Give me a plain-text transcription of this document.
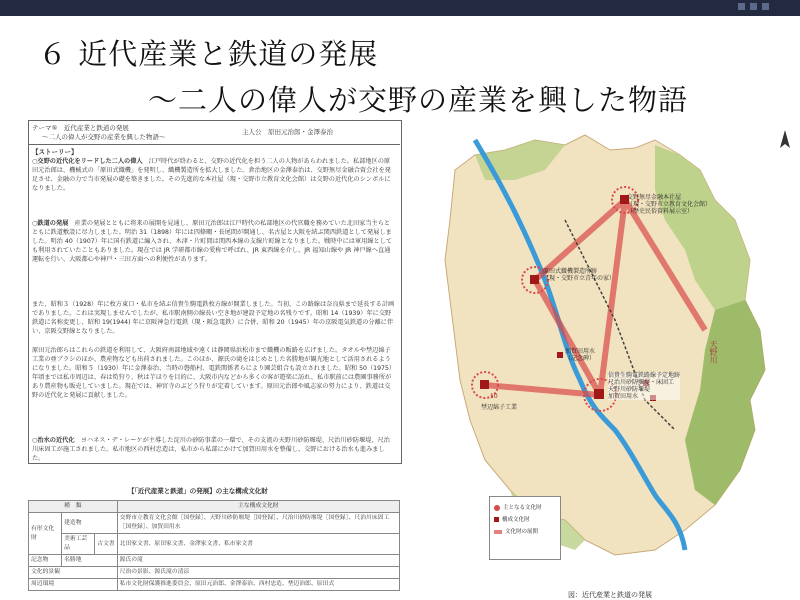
６ 近代産業と鉄道の発展
～二人の偉人が交野の産業を興した物語
テーマ⑤　近代産業と鉄道の発展
〜二人の偉人が交野の産業を興した物語〜
主人公　原田元治郎・金澤泰治
【ストーリー】
○交野の近代化をリードした二人の偉人　 江戸時代が終わると、交野の近代化を担う二人の人物があらわれました。私部地区の原田元治郎は、機械式の「原田式織機」を発明し、織機製造所を拡大しました。倉治地区の金澤泰治は、交野無尽金融合資会社を発足させ、金融の力で当市発展の礎を築きました。その先進的な本社屋（現・交野市立教育文化会館）は交野の近代化のシンボルになりました。
○鉄道の発展　 産業の発展とともに将来の展開を見通し、原田元治郎は江戸時代の私部地区の代官職を務めていた北田家当主らとともに鉄道敷設に尽力しました。明治 31（1898）年には四條畷・長尾間が開通し、名古屋と大阪を結ぶ関西鉄道として発展しました。明治 40（1907）年に国有鉄道に編入され、木津・片町間は関西本線の支線片町線となりました。戦時中には軍用線としても利用されていたこともありました。現在では JR 学研都市線の愛称で呼ばれ、JR 東西線を介し、JR 福知山線や JR 神戸線へ直通運転を行い、大阪都心や神戸・三田方面への利便性があります。
また、昭和３（1928）年に枚方東口・私市を結ぶ信貴生駒電鉄枚方線が開業しました。当初、この路線は奈良県まで延長する計画でありました。これは実現しませんでしたが、私市駅南側の線長い空き地が建設予定地の名残りです。昭和 14（1939）年に交野鉄道に名称変更し、昭和 19(1944) 年に京阪神急行電鉄（現・阪急電鉄）に合併、昭和 20（1945）年の京阪電気鉄道の分離に伴い、京阪交野線となりました。
原田元治郎らはこれらの鉄道を利用して、大阪府南部地域や遠くは静岡県浜松市まで織機の販路を広げました。タオルや埜辺綿子工業の亜ブラシのほか、農産物なども出荷されました。このほか、源氏の滝をはじめとした名勝地が観光地として活用されるようになりました。昭和５（1930）年に金澤泰治、当時の磐船村、電鉄関係者らにより園芸組合も設立されました。昭和 50（1975）年頃までは私市周辺は、春は筍狩り、秋は芋ほりを目的に、大阪市内などから多くの客が遊楽に訪れ、私市駅前には農園事務所があり農産物も販売していました。現在では、神宮寺のぶどう狩りが定着しています。原田元治郎や風志家の努力により、鉄道は交野の近代化と発展に貢献しました。
○治水の近代化　 ヨハネス・デ・レーケが主導した淀川の砂防事業の一環で、その支流の天野川砂防堰堤、尺治川砂防堰堤、尺治川床固工が施工されました。私市地区の西村忠造は、私市から私部にかけて加賀田用水を整備し、交野における治水も進みました。
【「近代産業と鉄道」の発展】の主な構成文化財
種　類			主な構成文化財
有形文化財	建造物		交野市立教育文化会館［国登録］、天野川砂防堰堤［国登録］、尺治川砂防堰堤［国登録］、尺治川床固工［国登録］、加賀田用水
	美術工芸品	古文書	北田家文書、原田家文書、金澤家文書、私市家文書
記念物	名勝地		源氏の滝
文化的景観			尺治の景影、源氏滝の清涼
周辺環境			私市文化財保護推進委員会、原田元治郎、金澤泰治、西村忠造、埜辺治郎、原田式
交野無尽金融本社屋
（現・交野市立教育文化会館）
（歴史民俗資料展示室）
原田式織機製造所跡
（現・交野市立青年の家）
加賀田用水
（記念碑）
信貴生駒電鉄路線予定地跡
尺治川砂防堰堤・床固工
天野川砂防堰堤
加賀田用水
埜辺綿子工業
10
天野川
主となる文化財
構成文化財
文化財の展開
図：近代産業と鉄道の発展
